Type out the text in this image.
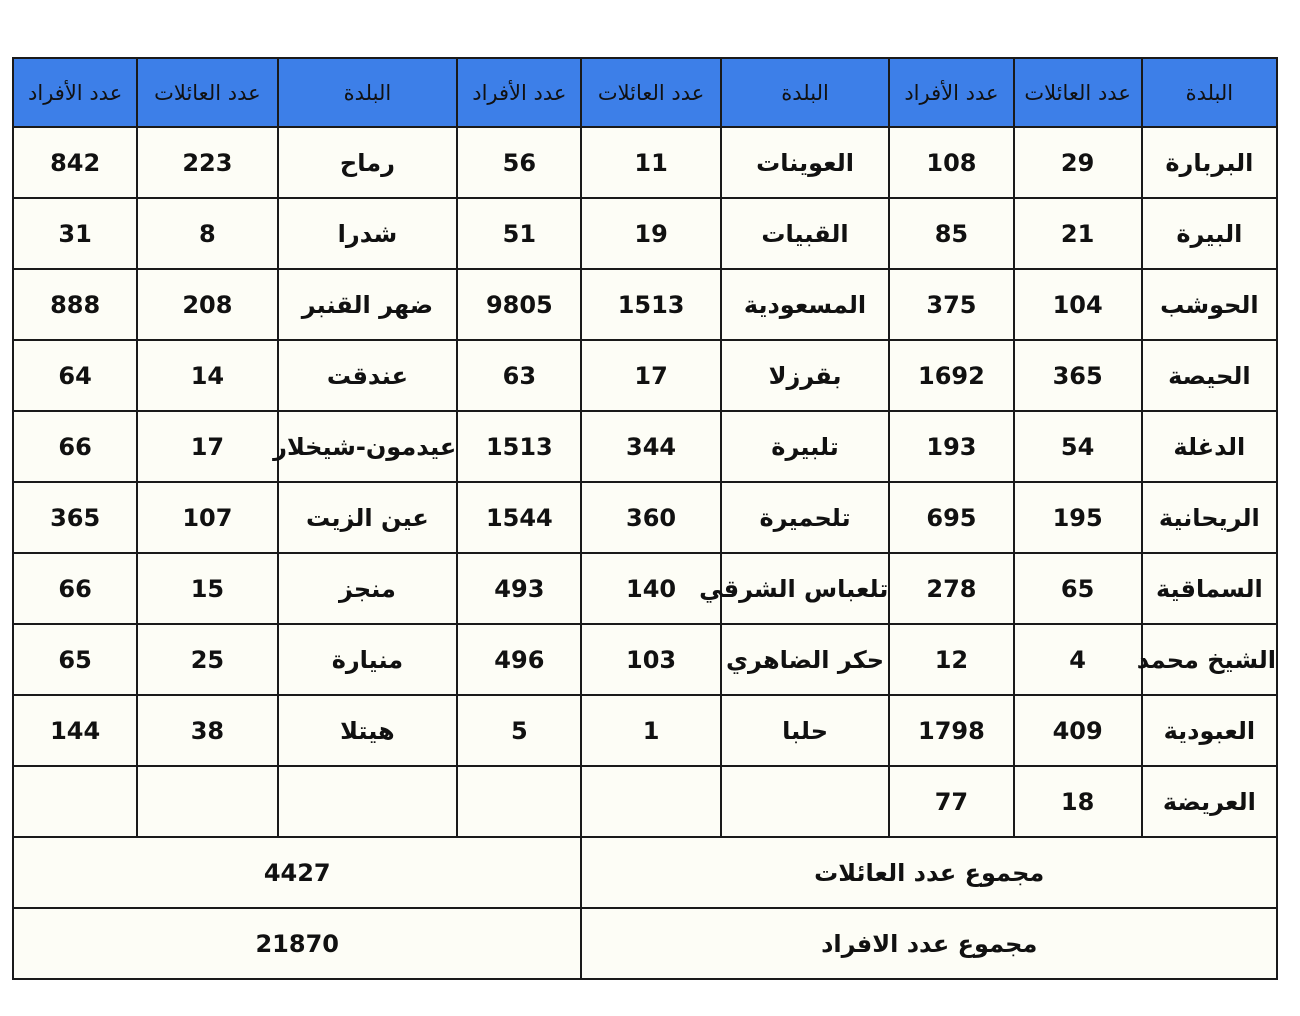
البلدة	عدد العائلات	عدد الأفراد	البلدة	عدد العائلات	عدد الأفراد	البلدة	عدد العائلات	عدد الأفراد
البربارة	29	108	العوينات	11	56	رماح	223	842
البيرة	21	85	القبيات	19	51	شدرا	8	31
الحوشب	104	375	المسعودية	1513	9805	ضهر القنبر	208	888
الحيصة	365	1692	بقرزلا	17	63	عندقت	14	64
الدغلة	54	193	تلبيرة	344	1513	عيدمون-شيخلار	17	66
الريحانية	195	695	تلحميرة	360	1544	عين الزيت	107	365
السماقية	65	278	تلعباس الشرقي	140	493	منجز	15	66
الشيخ محمد	4	12	حكر الضاهري	103	496	منيارة	25	65
العبودية	409	1798	حلبا	1	5	هيتلا	38	144
العريضة	18	77						
مجموع عدد العائلات					4427			
مجموع عدد الافراد					21870			
